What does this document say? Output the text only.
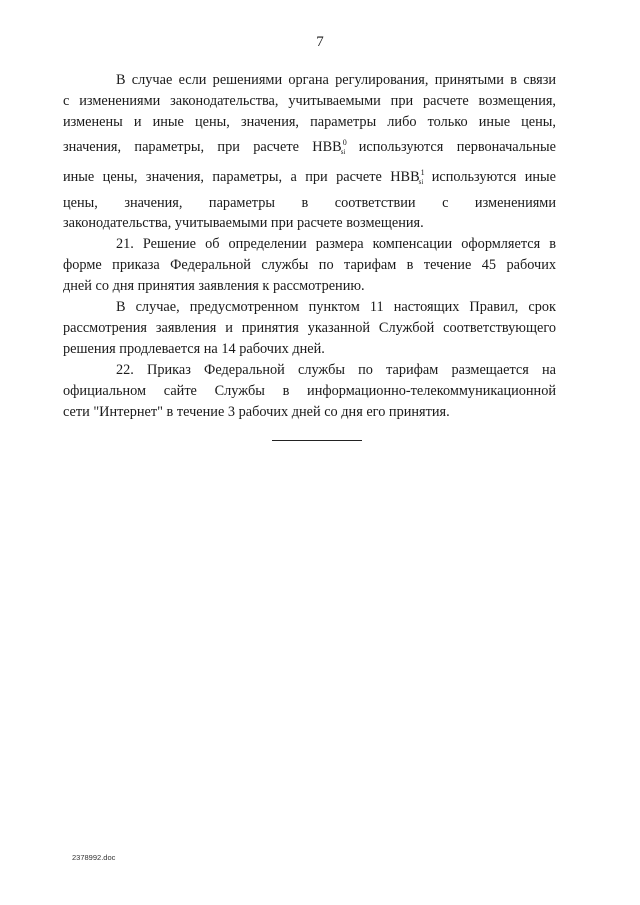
7
В случае если решениями органа регулирования, принятыми в связи
с изменениями законодательства, учитываемыми при расчете возмещения,
изменены и иные цены, значения, параметры либо только иные цены,
значения, параметры, при расчете $НВВ^0_{si}$ используются первоначальные
иные цены, значения, параметры, а при расчете $НВВ^1_{si}$ используются иные
цены, значения, параметры в соответствии с изменениями
законодательства, учитываемыми при расчете возмещения.
21. Решение об определении размера компенсации оформляется в
форме приказа Федеральной службы по тарифам в течение 45 рабочих
дней со дня принятия заявления к рассмотрению.
В случае, предусмотренном пунктом 11 настоящих Правил, срок
рассмотрения заявления и принятия указанной Службой соответствующего
решения продлевается на 14 рабочих дней.
22. Приказ Федеральной службы по тарифам размещается на
официальном сайте Службы в информационно-телекоммуникационной
сети "Интернет" в течение 3 рабочих дней со дня его принятия.
2378992.doc
